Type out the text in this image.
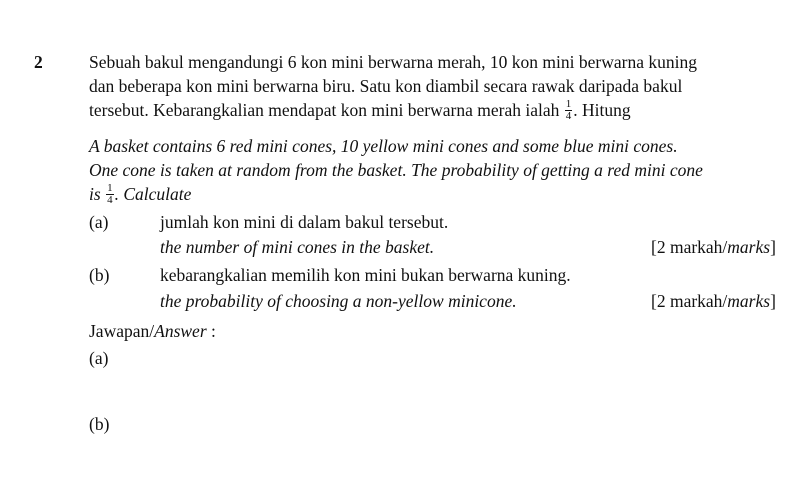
2	Sebuah bakul mengandungi 6 kon mini berwarna merah, 10 kon mini berwarna kuning
dan beberapa kon mini berwarna biru. Satu kon diambil secara rawak daripada bakul
tersebut. Kebarangkalian mendapat kon mini berwarna merah ialah $\frac{1}{4}$ . Hitung
A basket contains 6 red mini cones, 10 yellow mini cones and some blue mini cones.
One cone is taken at random from the basket. The probability of getting a red mini cone
is $\frac{1}{4}$ . Calculate
(a)	jumlah kon mini di dalam bakul tersebut.
the number of mini cones in the basket.	[2 markah/marks]
(b)	kebarangkalian memilih kon mini bukan berwarna kuning.
the probability of choosing a non-yellow minicone.	[2 markah/marks]
Jawapan/Answer :
(a)
(b)
